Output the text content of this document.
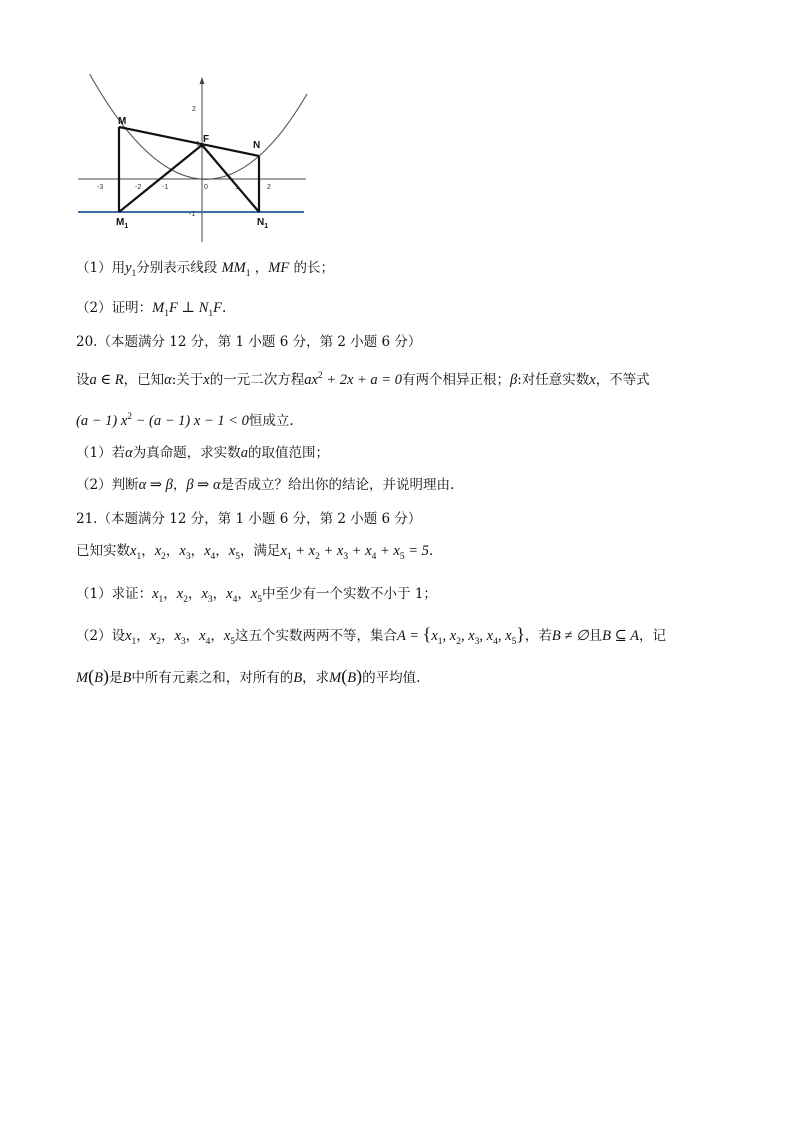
-3	-2	-1	0	1	2
2
1
-1
M
F
N
$M_1$	$N_1$
（1）用$y_1$分别表示线段 $MM_1$ ，MF 的长；
（2）证明：$M_1F$ ⊥ $N_1F$.
20.（本题满分 12 分，第 1 小题 6 分，第 2 小题 6 分）
设a ∈ R，已知α:关于x的一元二次方程$ax^2 + 2x + a = 0$有两个相异正根；β:对任意实数x，不等式
(a − 1) $x^2 - (a - 1) x - 1 < 0$恒成立.
（1）若α为真命题，求实数a的取值范围；
（2）判断α ⇒ β，β ⇒ α是否成立？给出你的结论，并说明理由.
21.（本题满分 12 分，第 1 小题 6 分，第 2 小题 6 分）
已知实数$x_1$，$x_2$，$x_3$，$x_4$，$x_5$，满足$x_1 + x_2 + x_3 + x_4 + x_5 = 5$.
（1）求证：$x_1$，$x_2$，$x_3$，$x_4$，$x_5$中至少有一个实数不小于 1；
（2）设$x_1$，$x_2$，$x_3$，$x_4$，$x_5$这五个实数两两不等，集合$A = \{x_1$, $x_2$, $x_3$, $x_4$, $x_5$}，若B ≠ ∅且B ⊆ A，记
M(B)是B中所有元素之和，对所有的B，求M(B)的平均值.
